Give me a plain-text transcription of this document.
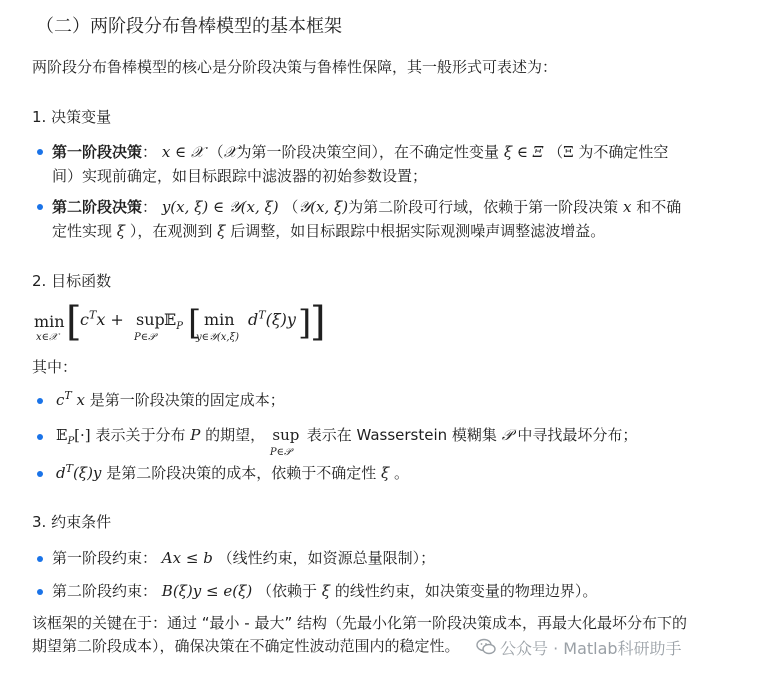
（二）两阶段分布鲁棒模型的基本框架
两阶段分布鲁棒模型的核心是分阶段决策与鲁棒性保障，其一般形式可表述为：
1. 决策变量
第一阶段决策： x ∈ 𝒳 （𝒳为第一阶段决策空间），在不确定性变量 ξ ∈ Ξ （Ξ 为不确定性空
间）实现前确定，如目标跟踪中滤波器的初始参数设置；
第二阶段决策： y(x, ξ) ∈ 𝒴(x, ξ) （𝒴(x, ξ)为第二阶段可行域，依赖于第一阶段决策 x 和不确
定性实现 ξ ），在观测到 ξ 后调整，如目标跟踪中根据实际观测噪声调整滤波增益。
2. 目标函数
min
x∈𝒳 [
$c^Tx$ + sup
P∈𝒫
𝔼$_P$ [ min
y∈𝒴(x,ξ)
$d^T(\xi)y$ ]
]
其中：
$c^T$ x 是第一阶段决策的固定成本；
𝔼$_P$[·] 表示关于分布 P 的期望， sup
P∈𝒫
表示在 Wasserstein 模糊集 𝒫 中寻找最坏分布；
$d^T(\xi)y$ 是第二阶段决策的成本，依赖于不确定性 ξ 。
3. 约束条件
第一阶段约束： Ax ≤ b （线性约束，如资源总量限制）；
第二阶段约束： B(ξ)y ≤ e(ξ) （依赖于 ξ 的线性约束，如决策变量的物理边界）。
该框架的关键在于：通过 “最小 - 最大” 结构（先最小化第一阶段决策成本，再最大化最坏分布下的
期望第二阶段成本），确保决策在不确定性波动范围内的稳定性。	公众号 · Matlab科研助手
